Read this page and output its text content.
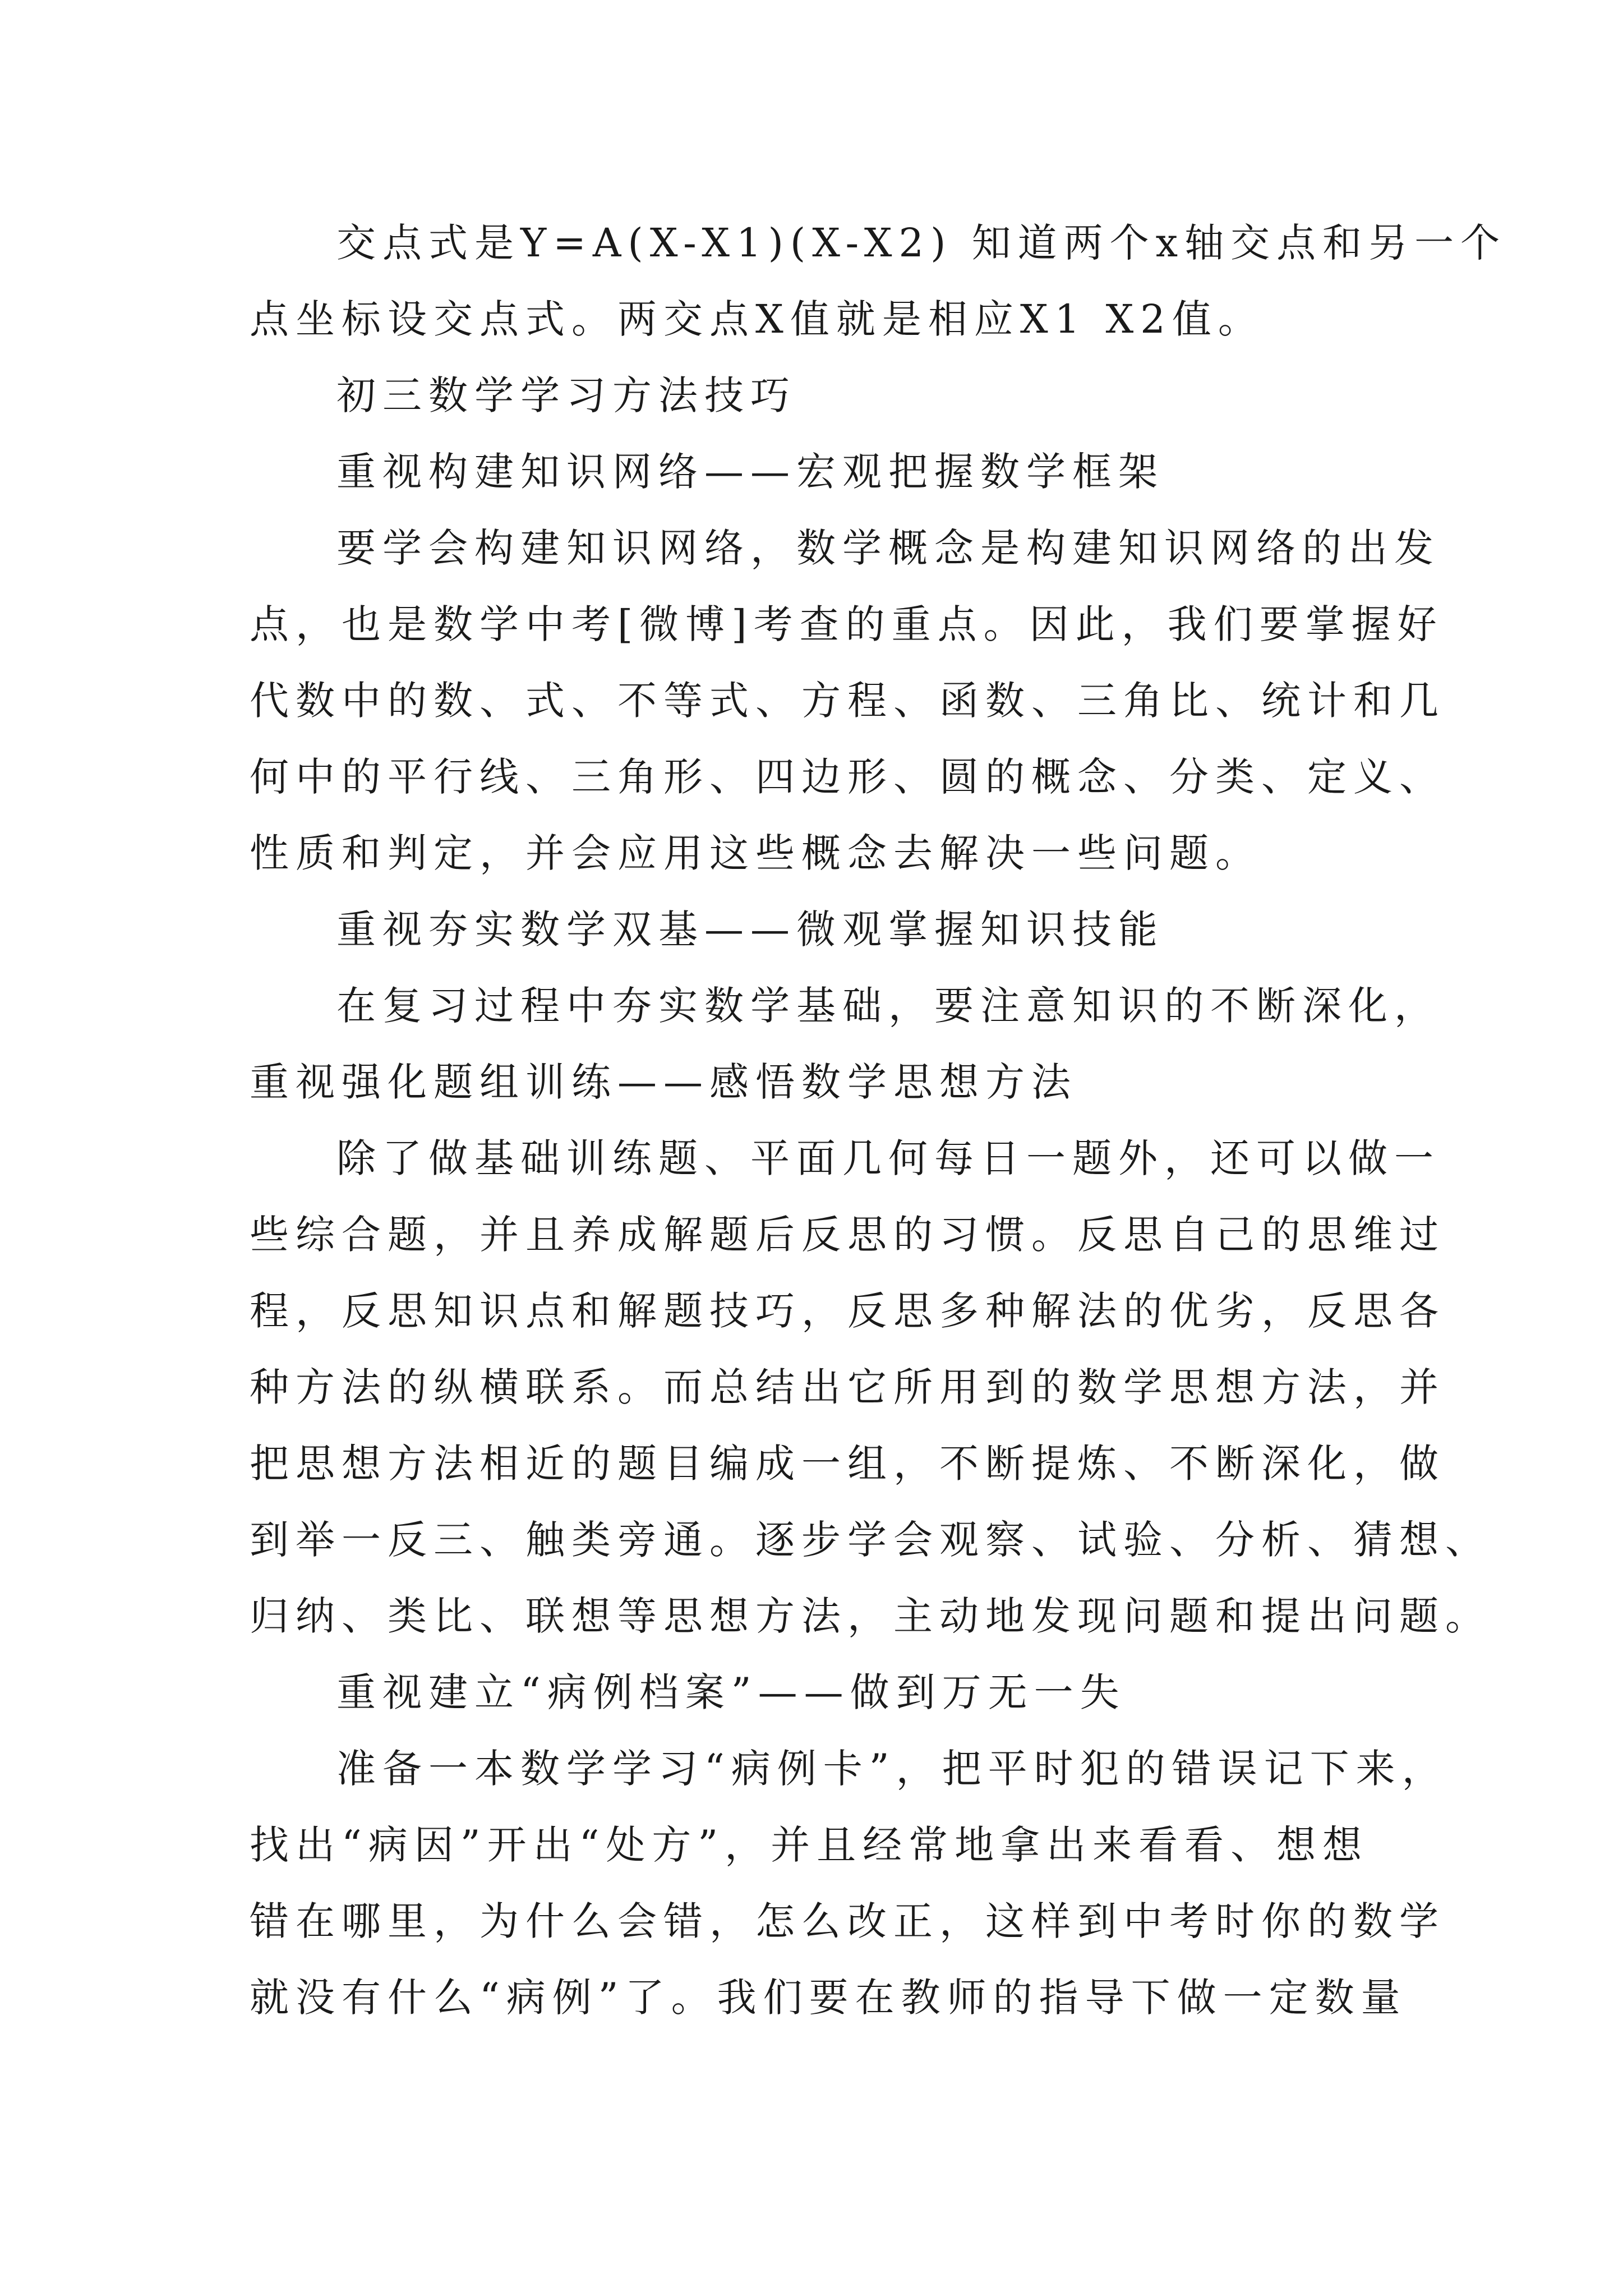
交点式是Y=A(X-X1)(X-X2) 知道两个x轴交点和另一个
点坐标设交点式。两交点X值就是相应X1 X2值。
初三数学学习方法技巧
重视构建知识网络——宏观把握数学框架
要学会构建知识网络，数学概念是构建知识网络的出发
点，也是数学中考[微博]考查的重点。因此，我们要掌握好
代数中的数、式、不等式、方程、函数、三角比、统计和几
何中的平行线、三角形、四边形、圆的概念、分类、定义、
性质和判定，并会应用这些概念去解决一些问题。
重视夯实数学双基——微观掌握知识技能
在复习过程中夯实数学基础，要注意知识的不断深化，
重视强化题组训练——感悟数学思想方法
除了做基础训练题、平面几何每日一题外，还可以做一
些综合题，并且养成解题后反思的习惯。反思自己的思维过
程，反思知识点和解题技巧，反思多种解法的优劣，反思各
种方法的纵横联系。而总结出它所用到的数学思想方法，并
把思想方法相近的题目编成一组，不断提炼、不断深化，做
到举一反三、触类旁通。逐步学会观察、试验、分析、猜想、
归纳、类比、联想等思想方法，主动地发现问题和提出问题。
重视建立“病例档案”——做到万无一失
准备一本数学学习“病例卡”，把平时犯的错误记下来，
找出“病因”开出“处方”，并且经常地拿出来看看、想想
错在哪里，为什么会错，怎么改正，这样到中考时你的数学
就没有什么“病例”了。我们要在教师的指导下做一定数量
